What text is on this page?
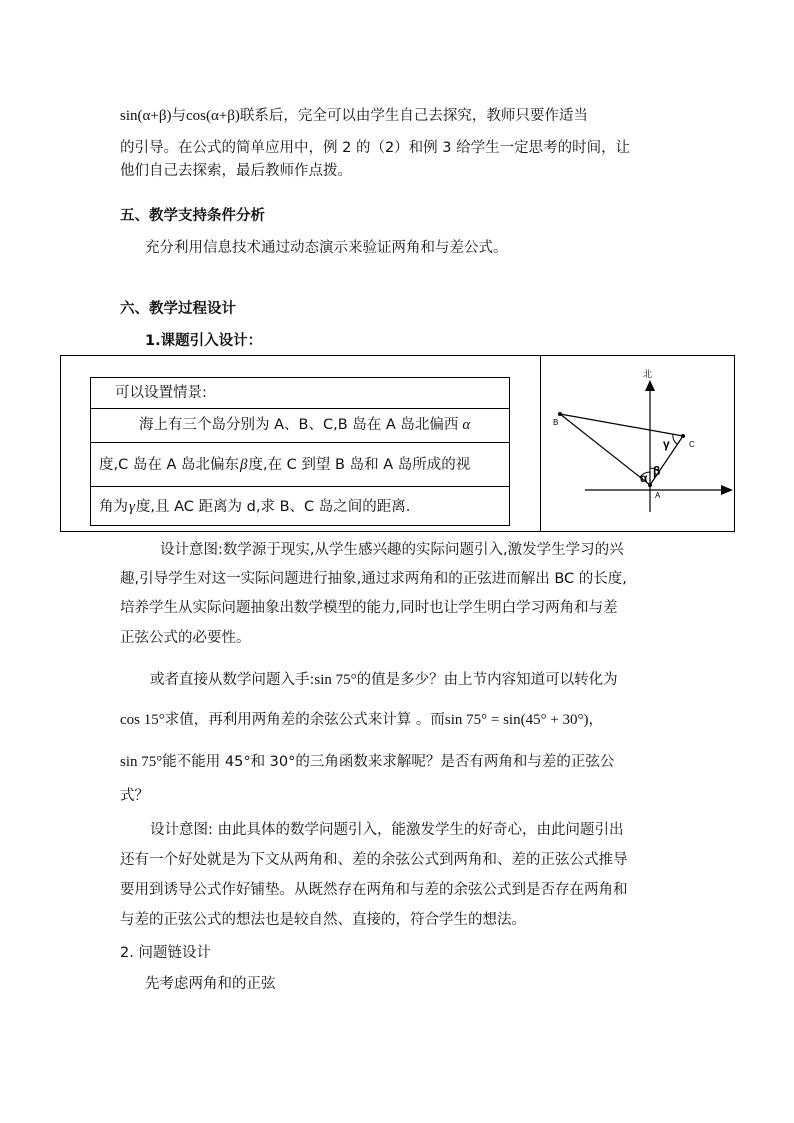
sin(α+β)与cos(α+β)联系后，完全可以由学生自己去探究，教师只要作适当
的引导。在公式的简单应用中，例 2 的（2）和例 3 给学生一定思考的时间，让
他们自己去探索，最后教师作点拨。
五、教学支持条件分析
充分利用信息技术通过动态演示来验证两角和与差公式。
六、教学过程设计
1.课题引入设计：
可以设置情景:
海上有三个岛分别为 A、B、C,B 岛在 A 岛北偏西 α
度,C 岛在 A 岛北偏东β度,在 C 到望 B 岛和 A 岛所成的视
角为γ度,且 AC 距离为 d,求 B、C 岛之间的距离.
北
B
C
A
α β
γ
设计意图:数学源于现实,从学生感兴趣的实际问题引入,激发学生学习的兴
趣,引导学生对这一实际问题进行抽象,通过求两角和的正弦进而解出 BC 的长度,
培养学生从实际问题抽象出数学模型的能力,同时也让学生明白学习两角和与差
正弦公式的必要性。
或者直接从数学问题入手:sin 75°的值是多少？由上节内容知道可以转化为
cos 15°求值，再利用两角差的余弦公式来计算 。而sin 75° = sin(45° + 30°)，
sin 75°能不能用 45°和 30°的三角函数来求解呢？是否有两角和与差的正弦公
式？
设计意图: 由此具体的数学问题引入，能激发学生的好奇心，由此问题引出
还有一个好处就是为下文从两角和、差的余弦公式到两角和、差的正弦公式推导
要用到诱导公式作好铺垫。从既然存在两角和与差的余弦公式到是否存在两角和
与差的正弦公式的想法也是较自然、直接的，符合学生的想法。
2. 问题链设计
先考虑两角和的正弦
